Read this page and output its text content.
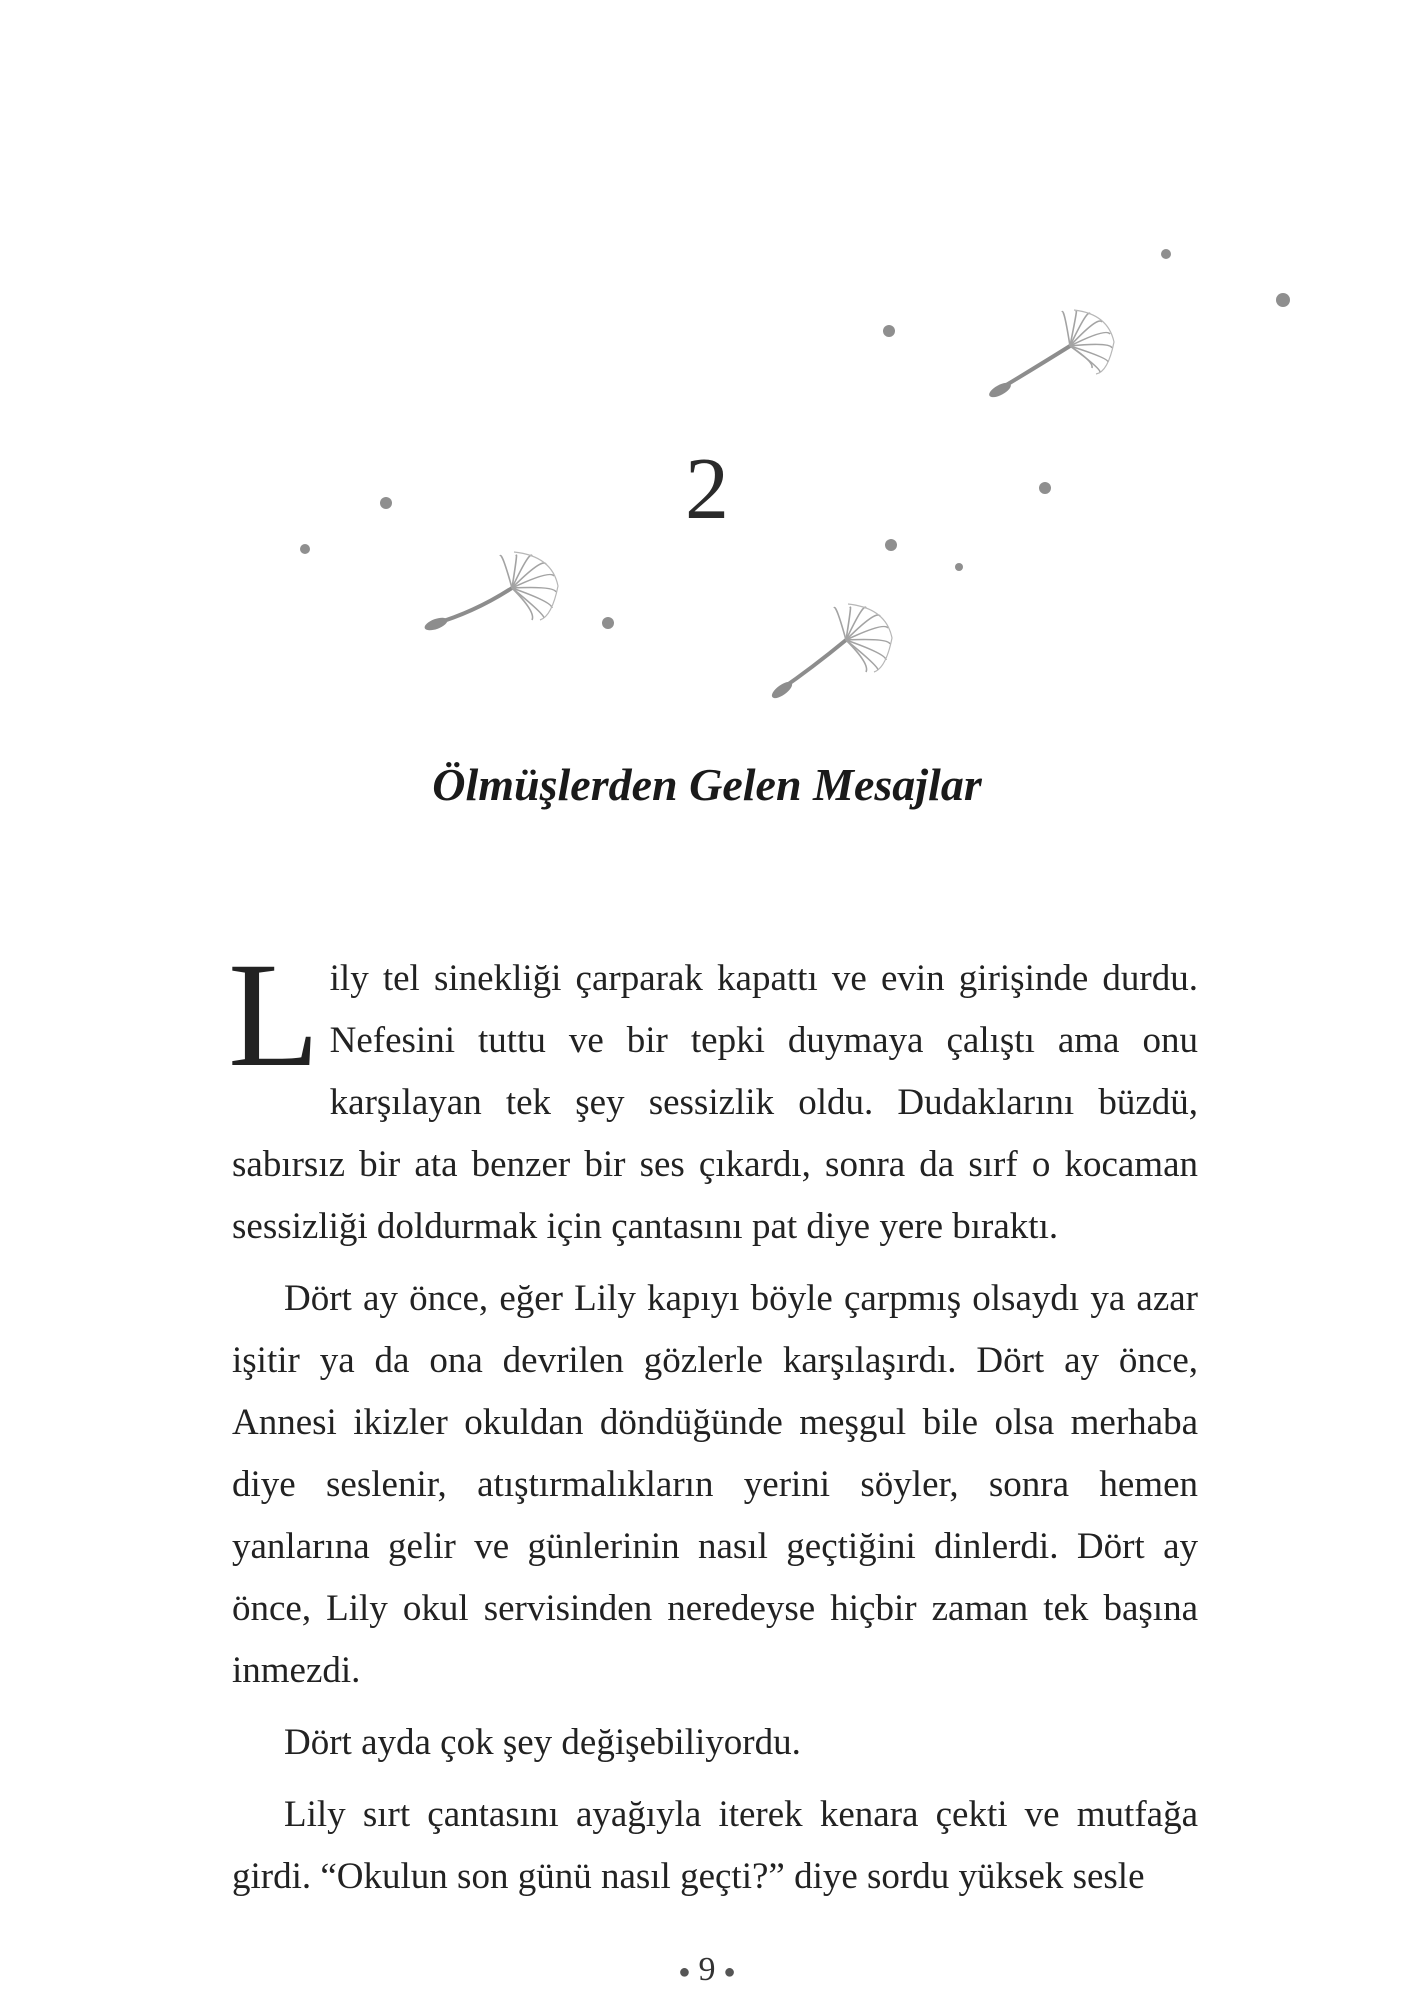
2
Ölmüşlerden Gelen Mesajlar

Lily tel sinekliği çarparak kapattı ve evin girişinde durdu. Nefesini tuttu ve bir tepki duymaya çalıştı ama onu karşılayan tek şey sessizlik oldu. Dudaklarını büzdü, sabırsız bir ata benzer bir ses çıkardı, sonra da sırf o kocaman sessizliği doldurmak için çantasını pat diye yere bıraktı.

Dört ay önce, eğer Lily kapıyı böyle çarpmış olsaydı ya azar işitir ya da ona devrilen gözlerle karşılaşırdı. Dört ay önce, Annesi ikizler okuldan döndüğünde meşgul bile olsa merhaba diye seslenir, atıştırmalıkların yerini söyler, sonra hemen yanlarına gelir ve günlerinin nasıl geçtiğini dinlerdi. Dört ay önce, Lily okul servisinden neredeyse hiçbir zaman tek başına inmezdi.

Dört ayda çok şey değişebiliyordu.

Lily sırt çantasını ayağıyla iterek kenara çekti ve mutfağa girdi. “Okulun son günü nasıl geçti?” diye sordu yüksek sesle

● 9 ●
